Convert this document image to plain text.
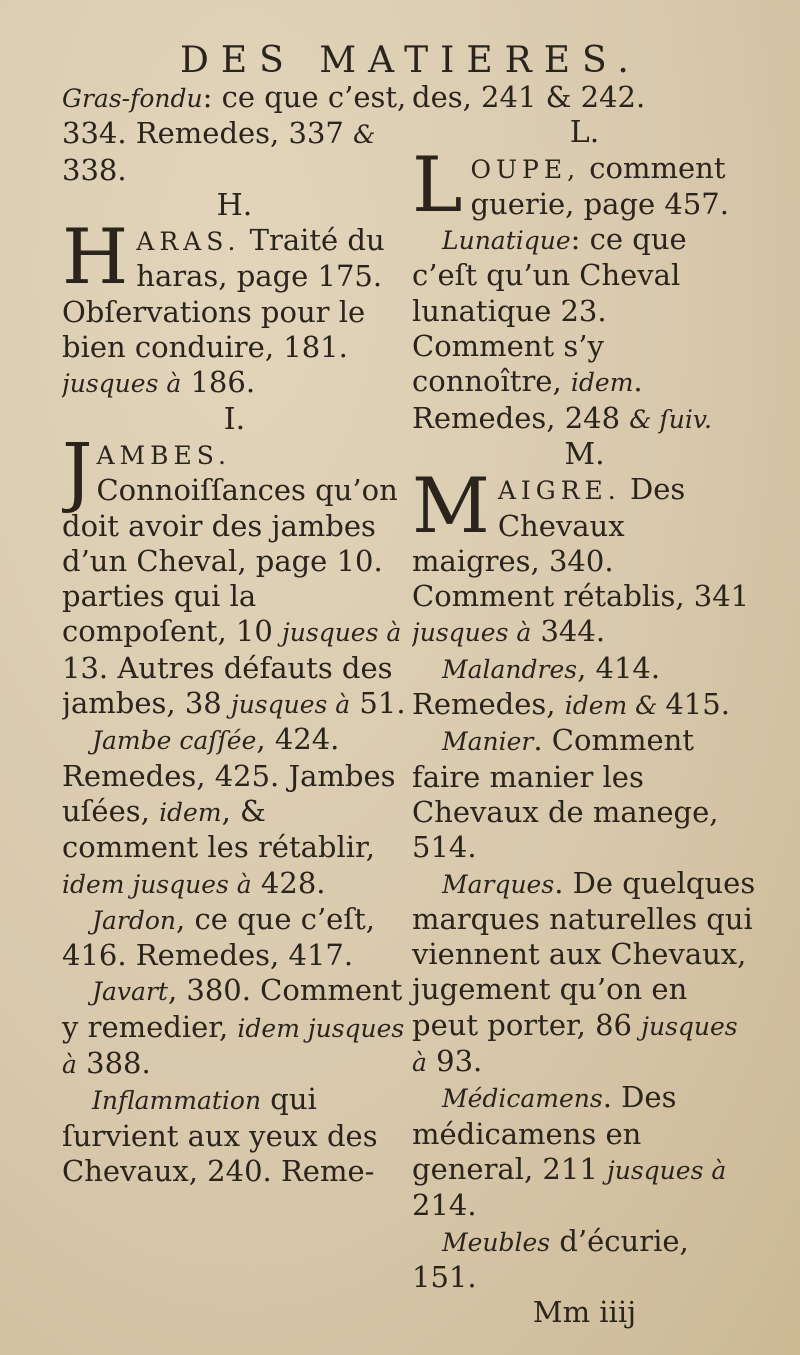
DES MATIERES.

Gras-fondu: ce que c’est, 334. Remedes, 337 & 338.

H.

HARAS. Traité du haras, page 175. Obſervations pour le bien conduire, 181. jusques à 186.

I.

JAMBES. Connoiſſances qu’on doit avoir des jambes d’un Cheval, page 10. parties qui la compoſent, 10 jusques à 13. Autres défauts des jambes, 38 jusques à 51.

Jambe caſſée, 424. Remedes, 425. Jambes uſées, idem, & comment les rétablir, idem jusques à 428.

Jardon, ce que c’eſt, 416. Remedes, 417.

Javart, 380. Comment y remedier, idem jusques à 388.

Inflammation qui ſurvient aux yeux des Chevaux, 240. Reme-

des, 241 & 242.

L.

LOUPE, comment guerie, page 457.

Lunatique: ce que c’eſt qu’un Cheval lunatique 23. Comment s’y connoître, idem. Remedes, 248 & ſuiv.

M.

MAIGRE. Des Chevaux maigres, 340. Comment rétablis, 341 jusques à 344.

Malandres, 414. Remedes, idem & 415.

Manier. Comment faire manier les Chevaux de manege, 514.

Marques. De quelques marques naturelles qui viennent aux Chevaux, jugement qu’on en peut porter, 86 jusques à 93.

Médicamens. Des médicamens en general, 211 jusques à 214.

Meubles d’écurie, 151.

Mm iiij
